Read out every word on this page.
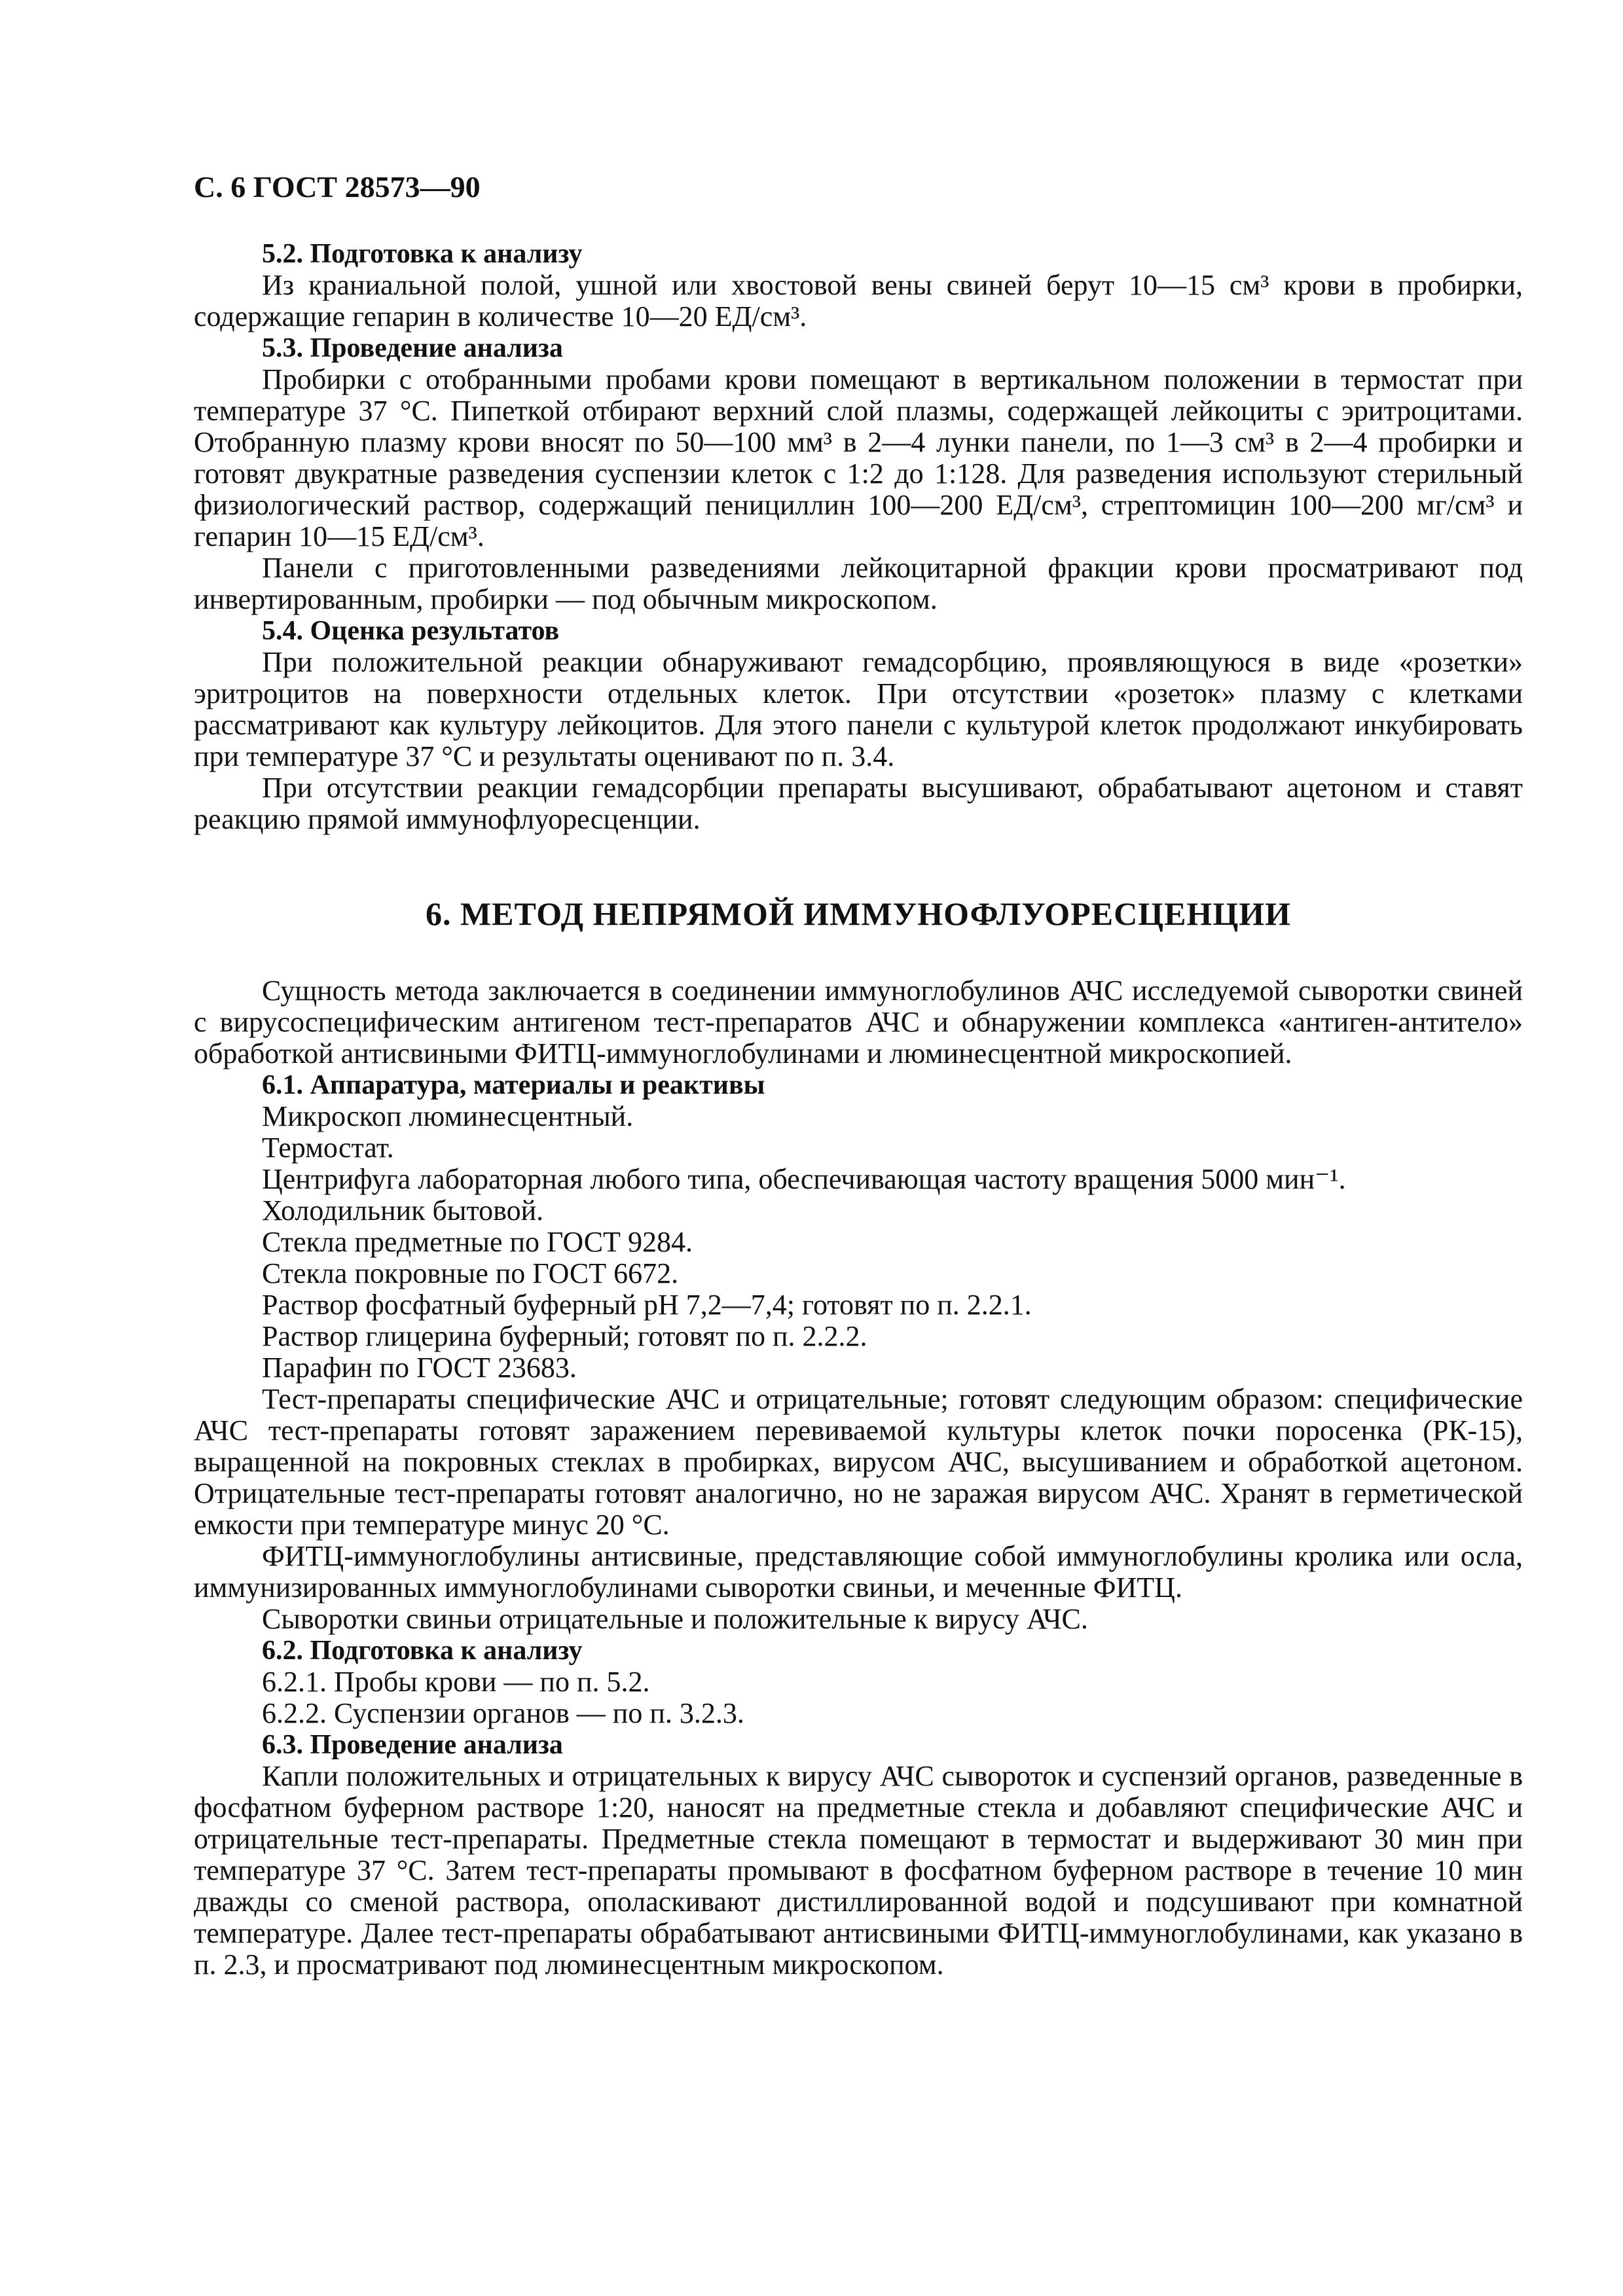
С. 6 ГОСТ 28573—90
5.2. Подготовка к анализу

Из краниальной полой, ушной или хвостовой вены свиней берут 10—15 см³ крови в пробирки, содержащие гепарин в количестве 10—20 ЕД/см³.

5.3. Проведение анализа

Пробирки с отобранными пробами крови помещают в вертикальном положении в термостат при температуре 37 °С. Пипеткой отбирают верхний слой плазмы, содержащей лейкоциты с эритроцитами. Отобранную плазму крови вносят по 50—100 мм³ в 2—4 лунки панели, по 1—3 см³ в 2—4 пробирки и готовят двукратные разведения суспензии клеток с 1:2 до 1:128. Для разведения используют стерильный физиологический раствор, содержащий пенициллин 100—200 ЕД/см³, стрептомицин 100—200 мг/см³ и гепарин 10—15 ЕД/см³.

Панели с приготовленными разведениями лейкоцитарной фракции крови просматривают под инвертированным, пробирки — под обычным микроскопом.

5.4. Оценка результатов

При положительной реакции обнаруживают гемадсорбцию, проявляющуюся в виде «розетки» эритроцитов на поверхности отдельных клеток. При отсутствии «розеток» плазму с клетками рассматривают как культуру лейкоцитов. Для этого панели с культурой клеток продолжают инкубировать при температуре 37 °С и результаты оценивают по п. 3.4.

При отсутствии реакции гемадсорбции препараты высушивают, обрабатывают ацетоном и ставят реакцию прямой иммунофлуоресценции.

6. МЕТОД НЕПРЯМОЙ ИММУНОФЛУОРЕСЦЕНЦИИ

Сущность метода заключается в соединении иммуноглобулинов АЧС исследуемой сыворотки свиней с вирусоспецифическим антигеном тест-препаратов АЧС и обнаружении комплекса «антиген-антитело» обработкой антисвиными ФИТЦ-иммуноглобулинами и люминесцентной микроскопией.

6.1. Аппаратура, материалы и реактивы
Микроскоп люминесцентный.
Термостат.
Центрифуга лабораторная любого типа, обеспечивающая частоту вращения 5000 мин⁻¹.
Холодильник бытовой.
Стекла предметные по ГОСТ 9284.
Стекла покровные по ГОСТ 6672.
Раствор фосфатный буферный рН 7,2—7,4; готовят по п. 2.2.1.
Раствор глицерина буферный; готовят по п. 2.2.2.
Парафин по ГОСТ 23683.

Тест-препараты специфические АЧС и отрицательные; готовят следующим образом: специфические АЧС тест-препараты готовят заражением перевиваемой культуры клеток почки поросенка (РК-15), выращенной на покровных стеклах в пробирках, вирусом АЧС, высушиванием и обработкой ацетоном. Отрицательные тест-препараты готовят аналогично, но не заражая вирусом АЧС. Хранят в герметической емкости при температуре минус 20 °С.

ФИТЦ-иммуноглобулины антисвиные, представляющие собой иммуноглобулины кролика или осла, иммунизированных иммуноглобулинами сыворотки свиньи, и меченные ФИТЦ.

Сыворотки свиньи отрицательные и положительные к вирусу АЧС.

6.2. Подготовка к анализу
6.2.1. Пробы крови — по п. 5.2.
6.2.2. Суспензии органов — по п. 3.2.3.
6.3. Проведение анализа

Капли положительных и отрицательных к вирусу АЧС сывороток и суспензий органов, разведенные в фосфатном буферном растворе 1:20, наносят на предметные стекла и добавляют специфические АЧС и отрицательные тест-препараты. Предметные стекла помещают в термостат и выдерживают 30 мин при температуре 37 °С. Затем тест-препараты промывают в фосфатном буферном растворе в течение 10 мин дважды со сменой раствора, ополаскивают дистиллированной водой и подсушивают при комнатной температуре. Далее тест-препараты обрабатывают антисвиными ФИТЦ-иммуноглобулинами, как указано в п. 2.3, и просматривают под люминесцентным микроскопом.
